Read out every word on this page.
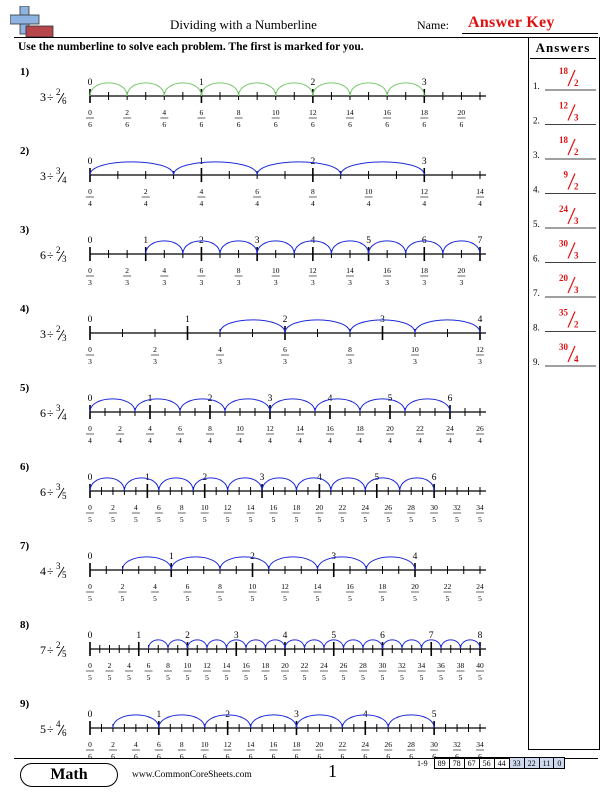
Dividing with a Numberline	Name: Answer Key
Use the numberline to solve each problem. The first is marked for you.	Answers
1)
3 ÷ 2
6
0
6
2
6
4
6
6
6
8
6
10
6
12
6
14
6
16
6
18
6
20
6
0	1	2	3
2)
3 ÷ 3
4
0
4
2
4
4
4
6
4
8
4
10
4
12
4
14
4
0	1	2	3
3)
6 ÷ 2
3
0
3
2
3
4
3
6
3
8
3
10
3
12
3
14
3
16
3
18
3
20
3
0	1	2	3	4	5	6	7
4)
3 ÷ 2
3
0
3
2
3
4
3
6
3
8
3
10
3
12
3
0	1	2	3	4
5)
6 ÷ 3
4
0
4
2
4
4
4
6
4
8
4
10
4
12
4
14
4
16
4
18
4
20
4
22
4
24
4
26
4
0	1	2	3	4	5	6
6)
6 ÷ 3
5
0
5
2
5
4
5
6
5
8
5
10
5
12
5
14
5
16
5
18
5
20
5
22
5
24
5
26
5
28
5
30
5
32
5
34
5
0	1	2	3	4	5	6
7)
4 ÷ 3
5
0
5
2
5
4
5
6
5
8
5
10
5
12
5
14
5
16
5
18
5
20
5
22
5
24
5
0	1	2	3	4
8)
7 ÷ 2
5
0
5
2
5
4
5
6
5
8
5
10
5
12
5
14
5
16
5
18
5
20
5
22
5
24
5
26
5
28
5
30
5
32
5
34
5
36
5
38
5
40
5
0	1	2	3	4	5	6	7	8
9)
5 ÷ 4
6
0
6
2
6
4
6
6
6
8
6
10
6
12
6
14
6
16
6
18
6
20
6
22
6
24
6
26
6
28
6
30
6
32
6
34
6
0	1	2	3	4	5
1.
18
2
2.
12
3
3.
18
2
4.
9
2
5.
24
3
6.
30
3
7.
20
3
8.
35
2
9.
30
4
Math	www.CommonCoreSheets.com	1	1-9	89	78	67	56	44	33	22	11	0
